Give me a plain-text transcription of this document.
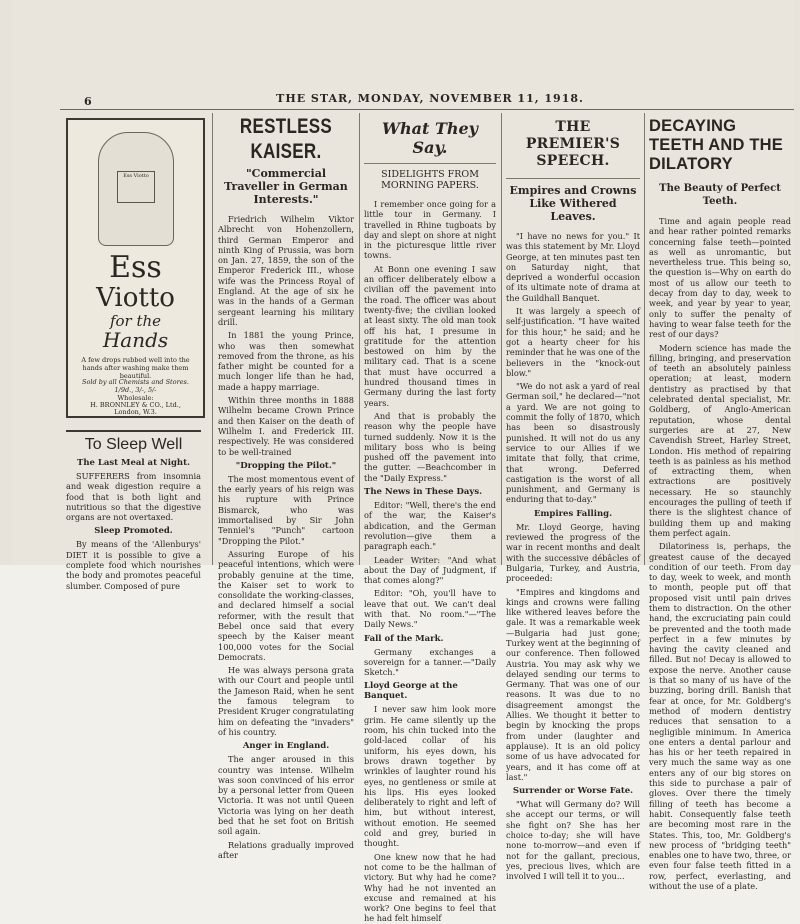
6	THE STAR, MONDAY, NOVEMBER 11, 1918.
Ess Viotto
Ess
Viotto
for the
Hands
A few drops rubbed well into the hands after washing make them beautiful.
Sold by all Chemists and Stores. 1/9d., 3/-, 5/-
Wholesale:
H. BRONNLEY & CO., Ltd.,
London, W.3.
To Sleep Well
The Last Meal at Night.

SUFFERERS from insomnia and weak digestion require a food that is both light and nutritious so that the digestive organs are not overtaxed.

Sleep Promoted.

By means of the 'Allenburys' DIET it is possible to give a complete food which nourishes the body and promotes peaceful slumber. Composed of pure

RESTLESS KAISER.
"Commercial Traveller in German Interests."

Friedrich Wilhelm Viktor Albrecht von Hohenzollern, third German Emperor and ninth King of Prussia, was born on Jan. 27, 1859, the son of the Emperor Frederick III., whose wife was the Princess Royal of England. At the age of six he was in the hands of a German sergeant learning his military drill.

In 1881 the young Prince, who was then somewhat removed from the throne, as his father might be counted for a much longer life than he had, made a happy marriage.

Within three months in 1888 Wilhelm became Crown Prince and then Kaiser on the death of Wilhelm I. and Frederick III. respectively. He was considered to be well-trained

"Dropping the Pilot."

The most momentous event of the early years of his reign was his rupture with Prince Bismarck, who was immortalised by Sir John Tenniel's "Punch" cartoon "Dropping the Pilot."

Assuring Europe of his peaceful intentions, which were probably genuine at the time, the Kaiser set to work to consolidate the working-classes, and declared himself a social reformer, with the result that Bebel once said that every speech by the Kaiser meant 100,000 votes for the Social Democrats.

He was always persona grata with our Court and people until the Jameson Raid, when he sent the famous telegram to President Kruger congratulating him on defeating the "invaders" of his country.

Anger in England.

The anger aroused in this country was intense. Wilhelm was soon convinced of his error by a personal letter from Queen Victoria. It was not until Queen Victoria was lying on her death bed that he set foot on British soil again.

Relations gradually improved after

What They Say.
SIDELIGHTS FROM MORNING PAPERS.

I remember once going for a little tour in Germany. I travelled in Rhine tugboats by day and slept on shore at night in the picturesque little river towns.

At Bonn one evening I saw an officer deliberately elbow a civilian off the pavement into the road. The officer was about twenty-five; the civilian looked at least sixty. The old man took off his hat, I presume in gratitude for the attention bestowed on him by the military cad. That is a scene that must have occurred a hundred thousand times in Germany during the last forty years.

And that is probably the reason why the people have turned suddenly. Now it is the military boss who is being pushed off the pavement into the gutter. —Beachcomber in the "Daily Express."

The News in These Days.

Editor: "Well, there's the end of the war, the Kaiser's abdication, and the German revolution—give them a paragraph each."

Leader Writer: "And what about the Day of Judgment, if that comes along?"

Editor: "Oh, you'll have to leave that out. We can't deal with that. No room."—"The Daily News."

Fall of the Mark.

Germany exchanges a sovereign for a tanner.—"Daily Sketch."

Lloyd George at the Banquet.

I never saw him look more grim. He came silently up the room, his chin tucked into the gold-laced collar of his uniform, his eyes down, his brows drawn together by wrinkles of laughter round his eyes, no gentleness or smile at his lips. His eyes looked deliberately to right and left of him, but without interest, without emotion. He seemed cold and grey, buried in thought.

One knew now that he had not come to be the hallman of victory. But why had he come? Why had he not invented an excuse and remained at his work? One begins to feel that he had felt himself

THE PREMIER'S SPEECH.
Empires and Crowns Like Withered Leaves.

"I have no news for you." It was this statement by Mr. Lloyd George, at ten minutes past ten on Saturday night, that deprived a wonderful occasion of its ultimate note of drama at the Guildhall Banquet.

It was largely a speech of self-justification. "I have waited for this hour," he said; and he got a hearty cheer for his reminder that he was one of the believers in the "knock-out blow."

"We do not ask a yard of real German soil," he declared—"not a yard. We are not going to commit the folly of 1870, which has been so disastrously punished. It will not do us any service to our Allies if we imitate that folly, that crime, that wrong. Deferred castigation is the worst of all punishment, and Germany is enduring that to-day."

Empires Falling.

Mr. Lloyd George, having reviewed the progress of the war in recent months and dealt with the successive débâcles of Bulgaria, Turkey, and Austria, proceeded:

"Empires and kingdoms and kings and crowns were falling like withered leaves before the gale. It was a remarkable week—Bulgaria had just gone; Turkey went at the beginning of our conference. Then followed Austria. You may ask why we delayed sending our terms to Germany. That was one of our reasons. It was due to no disagreement amongst the Allies. We thought it better to begin by knocking the props from under (laughter and applause). It is an old policy some of us have advocated for years, and it has come off at last."

Surrender or Worse Fate.

"What will Germany do? Will she accept our terms, or will she fight on? She has her choice to-day; she will have none to-morrow—and even if not for the gallant, precious, yes, precious lives, which are involved I will tell it to you...

DECAYING TEETH AND THE DILATORY
The Beauty of Perfect Teeth.

Time and again people read and hear rather pointed remarks concerning false teeth—pointed as well as unromantic, but nevertheless true. This being so, the question is—Why on earth do most of us allow our teeth to decay from day to day, week to week, and year by year to year, only to suffer the penalty of having to wear false teeth for the rest of our days?

Modern science has made the filling, bringing, and preservation of teeth an absolutely painless operation; at least, modern dentistry as practised by that celebrated dental specialist, Mr. Goldberg, of Anglo-American reputation, whose dental surgeries are at 27, New Cavendish Street, Harley Street, London. His method of repairing teeth is as painless as his method of extracting them, when extractions are positively necessary. He so staunchly encourages the pulling of teeth if there is the slightest chance of building them up and making them perfect again.

Dilatoriness is, perhaps, the greatest cause of the decayed condition of our teeth. From day to day, week to week, and month to month, people put off that proposed visit until pain drives them to distraction. On the other hand, the excruciating pain could be prevented and the tooth made perfect in a few minutes by having the cavity cleaned and filled. But no! Decay is allowed to expose the nerve. Another cause is that so many of us have of the buzzing, boring drill. Banish that fear at once, for Mr. Goldberg's method of modern dentistry reduces that sensation to a negligible minimum. In America one enters a dental parlour and has his or her teeth repaired in very much the same way as one enters any of our big stores on this side to purchase a pair of gloves. Over there the timely filling of teeth has become a habit. Consequently false teeth are becoming most rare in the States. This, too, Mr. Goldberg's new process of "bridging teeth" enables one to have two, three, or even four false teeth fitted in a row, perfect, everlasting, and without the use of a plate.
